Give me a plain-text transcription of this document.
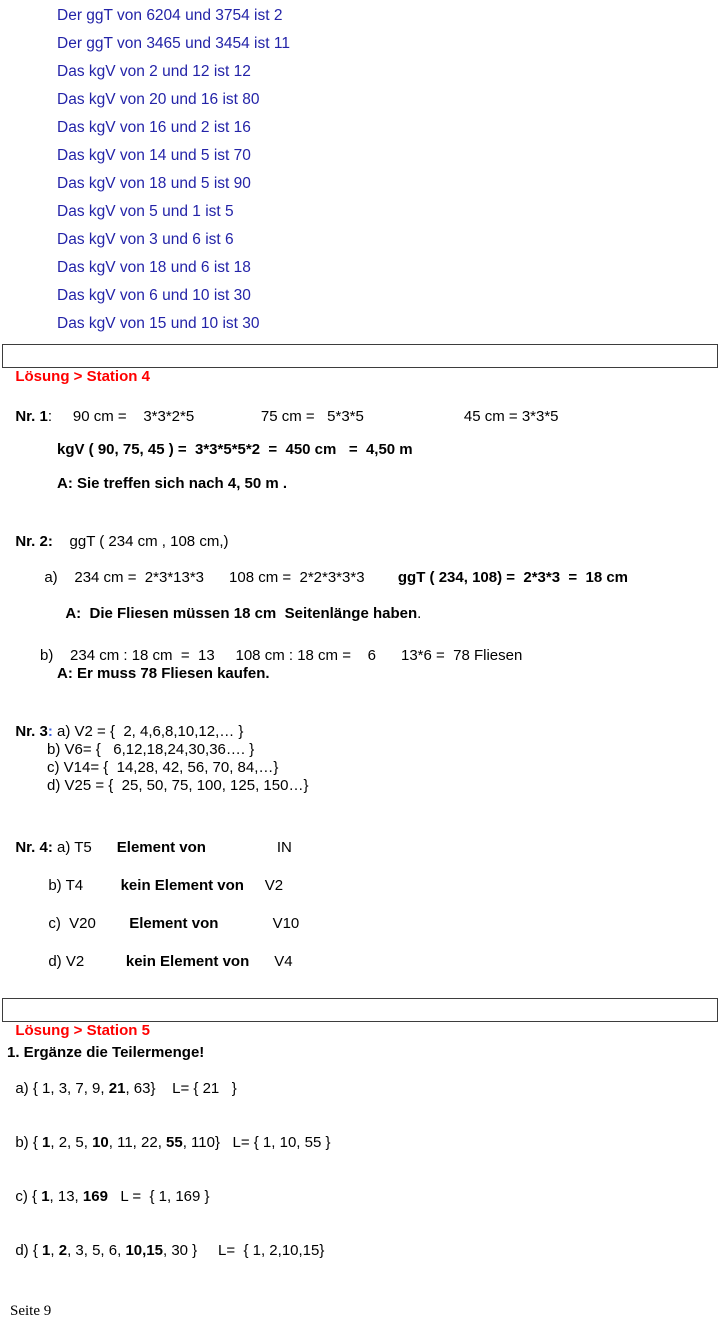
Der ggT von 6204 und 3754 ist 2
Der ggT von 3465 und 3454 ist 11
Das kgV von 2 und 12 ist 12
Das kgV von 20 und 16 ist 80
Das kgV von 16 und 2 ist 16
Das kgV von 14 und 5 ist 70
Das kgV von 18 und 5 ist 90
Das kgV von 5 und 1 ist 5
Das kgV von 3 und 6 ist 6
Das kgV von 18 und 6 ist 18
Das kgV von 6 und 10 ist 30
Das kgV von 15 und 10 ist 30

Lösung > Station 4

Nr. 1:     90 cm =    3*3*2*5                75 cm =   5*3*5                        45 cm = 3*3*5

kgV ( 90, 75, 45 ) =  3*3*5*5*2  =  450 cm   =  4,50 m
A: Sie treffen sich nach 4, 50 m .

Nr. 2:    ggT ( 234 cm , 108 cm,)

a)    234 cm =  2*3*13*3      108 cm =  2*2*3*3*3        ggT ( 234, 108) =  2*3*3  =  18 cm

A:  Die Fliesen müssen 18 cm  Seitenlänge haben.

b)    234 cm : 18 cm  =  13     108 cm : 18 cm =    6      13*6 =  78 Fliesen
A: Er muss 78 Fliesen kaufen.

Nr. 3: a) V2 = {  2, 4,6,8,10,12,… }

b) V6= {   6,12,18,24,30,36…. }
c) V14= {  14,28, 42, 56, 70, 84,…}
d) V25 = {  25, 50, 75, 100, 125, 150…}

Nr. 4: a) T5      Element von                 IN

b) T4         kein Element von     V2

c)  V20        Element von             V10

d) V2          kein Element von      V4

Lösung > Station 5

1. Ergänze die Teilermenge!

a) { 1, 3, 7, 9, 21, 63}    L= { 21   }

b) { 1, 2, 5, 10, 11, 22, 55, 110}   L= { 1, 10, 55 }

c) { 1, 13, 169   L =  { 1, 169 }

d) { 1, 2, 3, 5, 6, 10,15, 30 }     L=  { 1, 2,10,15}

Seite 9
